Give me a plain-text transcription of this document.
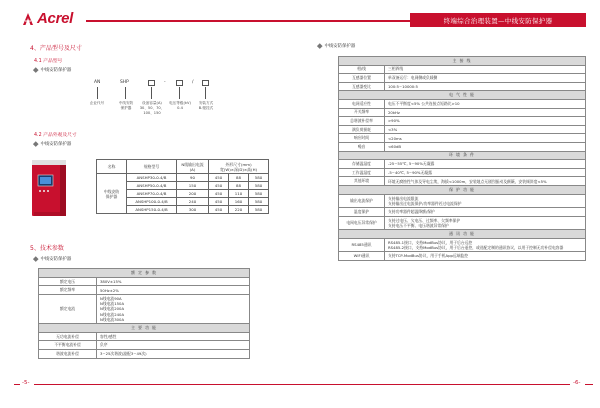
Acrel	终端综合治理装置—中线安防保护器
4、产品型号及尺寸
4.1 产品型号
中线安防保护器
AN	SHP	-	/
企业代号	中线安防
保护器
设备容量(A)
30、50、70、
100、150
电压等级(kV)
0.4
安装方式
B-壁挂式
4.2 产品外观及尺寸
中线安防保护器
名称	规格型号	N线输出电流
(A)	外形尺寸(mm)
宽(W)×深(D)×高(H)		
中线安防
保护器	ANSHP30-0.4/B	90	450	88	580
	ANSHP50-0.4/B	150	450	88	580
	ANSHP70-0.4/B	200	450	110	580
	ANSHP100-0.4/B	240	450	160	580
	ANSHP150-0.4/B	300	450	220	580
5、技术参数
中线安防保护器
额 定 参 数	
额定电压	380V±15%
额定频率	50Hz±2%
额定电流	N线电流90A
N线电流150A
N线电流200A
N线电流240A
N线电流300A
主 要 功 能	
无功电流补偿	容性/感性
不平衡电流补偿	负序
谐波电流补偿	3~25次谐波(滤配3~49次)
-5-
中线安防保护器
主 接 线	
相/线	三相四线
互感器位置	单双备运行：电网侧或负载侧
互感器变比	100:5~10000:5
电 气 性 能	
电网适应性	电压不平衡度<5% 公共连接点短路比>10
开关频率	20kHz
总谐波补偿率	>90%
满负荷损耗	<3%
响应时间	<20ms
噪音	<60dB
环 境 条 件	
存储温湿度	-25~55℃, 5~90%无凝露
工作温湿度	-5~40℃, 5~90%无凝露
其他环境	环境无腐蚀性气体及导电尘埃，海拔<1000m，安装地点无剧烈振动及颠簸，安装倾斜度<5%
保 护 功 能	
输出电流保护	支持输出电流限流
支持输出过电流保护/功率器件若过电流保护
温度保护	支持功率器件超温降额/保护
电网电压异常保护	支持过电压、欠电压、过频率、欠频率保护
支持电压不平衡、电压谐波异常保护
通 讯 功 能	
RS485通讯	RS485-1接口，支持ModBus协议，用于后台远控
RS485-2接口，支持ModBus协议，用于后台遥控，或选配定制的通讯协议，以用于控制无功补偿电容器
WIFI通讯	支持TCP-ModBus协议，用于手机App远端监控
-6-
